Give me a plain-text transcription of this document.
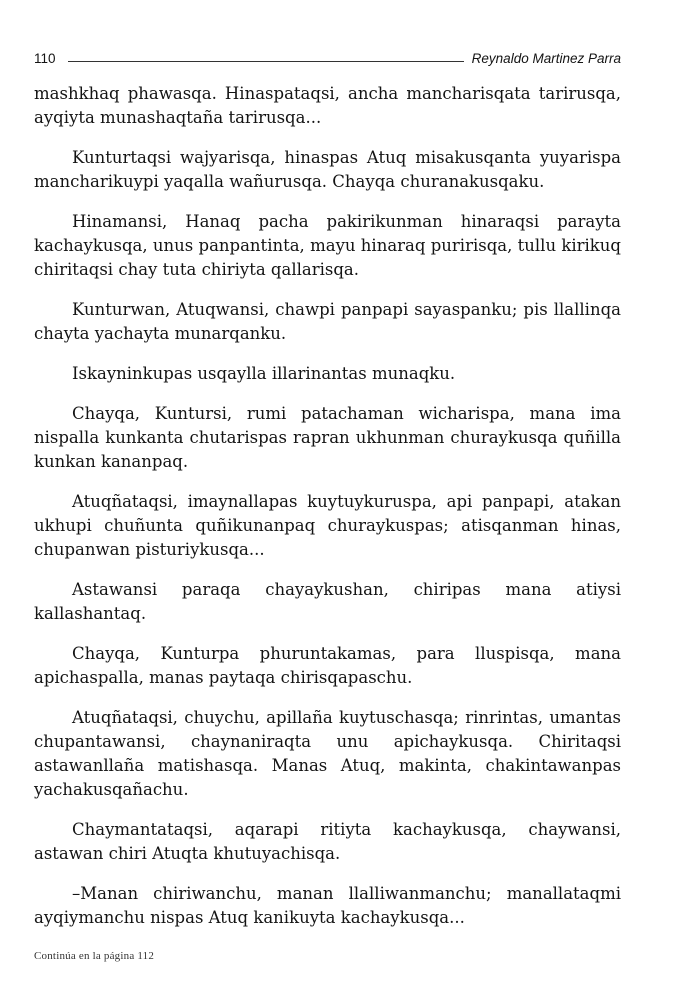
110	Reynaldo Martinez Parra

mashkhaq phawasqa. Hinaspataqsi, ancha mancharisqata tarirusqa, ayqiyta munashaqtaña tarirusqa...

Kunturtaqsi wajyarisqa, hinaspas Atuq misakusqanta yuyarispa mancharikuypi yaqalla wañurusqa. Chayqa churanakusqaku.

Hinamansi, Hanaq pacha pakirikunman hinaraqsi parayta kachaykusqa, unus panpantinta, mayu hinaraq puririsqa, tullu kirikuq chiritaqsi chay tuta chiriyta qallarisqa.

Kunturwan, Atuqwansi, chawpi panpapi sayaspanku; pis llallinqa chayta yachayta munarqanku.

Iskayninkupas usqaylla illarinantas munaqku.

Chayqa, Kuntursi, rumi patachaman wicharispa, mana ima nispalla kunkanta chutarispas rapran ukhunman churaykusqa quñilla kunkan kananpaq.

Atuqñataqsi, imaynallapas kuytuykuruspa, api panpapi, atakan ukhupi chuñunta quñikunanpaq churaykuspas; atisqanman hinas, chupanwan pisturiykusqa...

Astawansi paraqa chayaykushan, chiripas mana atiysi kallashantaq.

Chayqa, Kunturpa phuruntakamas, para lluspisqa, mana apichaspalla, manas paytaqa chirisqapaschu.

Atuqñataqsi, chuychu, apillaña kuytuschasqa; rinrintas, umantas chupantawansi, chaynaniraqta unu apichaykusqa. Chiritaqsi astawanllaña matishasqa. Manas Atuq, makinta, chakintawanpas yachakusqañachu.

Chaymantataqsi, aqarapi ritiyta kachaykusqa, chaywansi, astawan chiri Atuqta khutuyachisqa.

–Manan chiriwanchu, manan llalliwanmanchu; manallataqmi ayqiymanchu nispas Atuq kanikuyta kachaykusqa...

Continúa en la página 112
